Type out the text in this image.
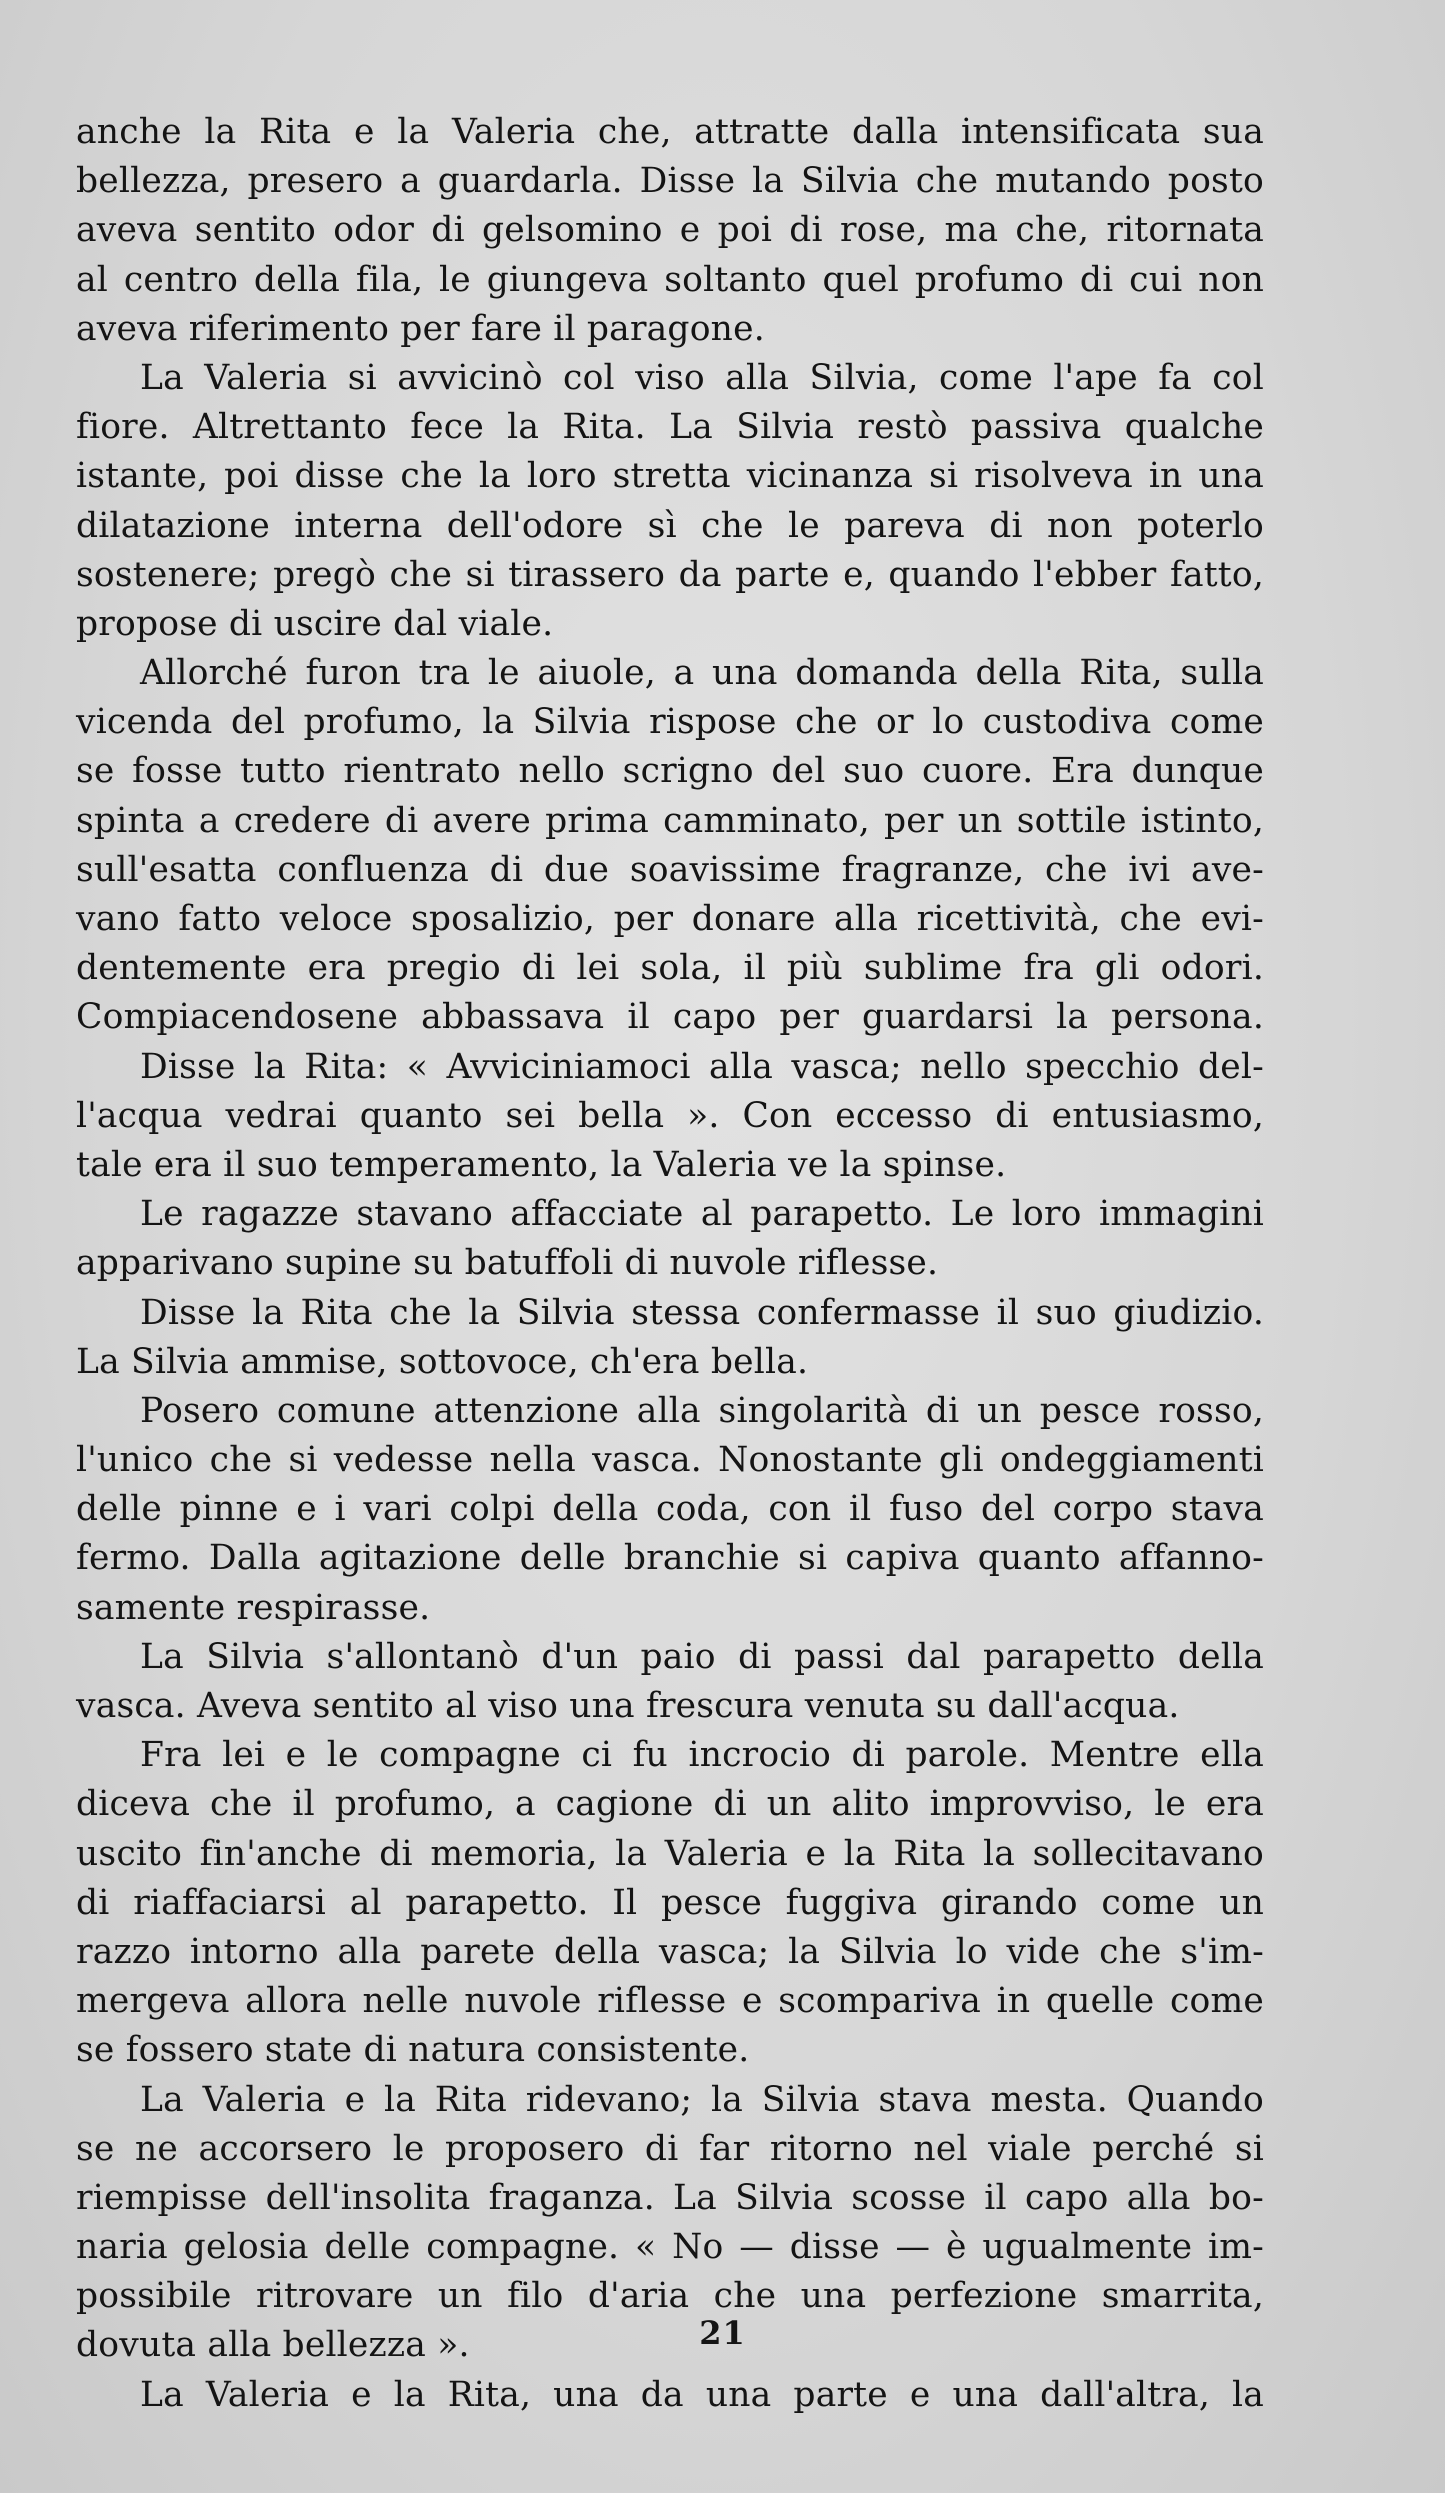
anche la Rita e la Valeria che, attratte dalla intensificata sua
bellezza, presero a guardarla. Disse la Silvia che mutando posto
aveva sentito odor di gelsomino e poi di rose, ma che, ritornata
al centro della fila, le giungeva soltanto quel profumo di cui non
aveva riferimento per fare il paragone.
La Valeria si avvicinò col viso alla Silvia, come l'ape fa col
fiore. Altrettanto fece la Rita. La Silvia restò passiva qualche
istante, poi disse che la loro stretta vicinanza si risolveva in una
dilatazione interna dell'odore sì che le pareva di non poterlo
sostenere; pregò che si tirassero da parte e, quando l'ebber fatto,
propose di uscire dal viale.
Allorché furon tra le aiuole, a una domanda della Rita, sulla
vicenda del profumo, la Silvia rispose che or lo custodiva come
se fosse tutto rientrato nello scrigno del suo cuore. Era dunque
spinta a credere di avere prima camminato, per un sottile istinto,
sull'esatta confluenza di due soavissime fragranze, che ivi ave-
vano fatto veloce sposalizio, per donare alla ricettività, che evi-
dentemente era pregio di lei sola, il più sublime fra gli odori.
Compiacendosene abbassava il capo per guardarsi la persona.
Disse la Rita: « Avviciniamoci alla vasca; nello specchio del-
l'acqua vedrai quanto sei bella ». Con eccesso di entusiasmo,
tale era il suo temperamento, la Valeria ve la spinse.
Le ragazze stavano affacciate al parapetto. Le loro immagini
apparivano supine su batuffoli di nuvole riflesse.
Disse la Rita che la Silvia stessa confermasse il suo giudizio.
La Silvia ammise, sottovoce, ch'era bella.
Posero comune attenzione alla singolarità di un pesce rosso,
l'unico che si vedesse nella vasca. Nonostante gli ondeggiamenti
delle pinne e i vari colpi della coda, con il fuso del corpo stava
fermo. Dalla agitazione delle branchie si capiva quanto affanno-
samente respirasse.
La Silvia s'allontanò d'un paio di passi dal parapetto della
vasca. Aveva sentito al viso una frescura venuta su dall'acqua.
Fra lei e le compagne ci fu incrocio di parole. Mentre ella
diceva che il profumo, a cagione di un alito improvviso, le era
uscito fin'anche di memoria, la Valeria e la Rita la sollecitavano
di riaffaciarsi al parapetto. Il pesce fuggiva girando come un
razzo intorno alla parete della vasca; la Silvia lo vide che s'im-
mergeva allora nelle nuvole riflesse e scompariva in quelle come
se fossero state di natura consistente.
La Valeria e la Rita ridevano; la Silvia stava mesta. Quando
se ne accorsero le proposero di far ritorno nel viale perché si
riempisse dell'insolita fraganza. La Silvia scosse il capo alla bo-
naria gelosia delle compagne. « No — disse — è ugualmente im-
possibile ritrovare un filo d'aria che una perfezione smarrita,
dovuta alla bellezza ».
La Valeria e la Rita, una da una parte e una dall'altra, la
21
